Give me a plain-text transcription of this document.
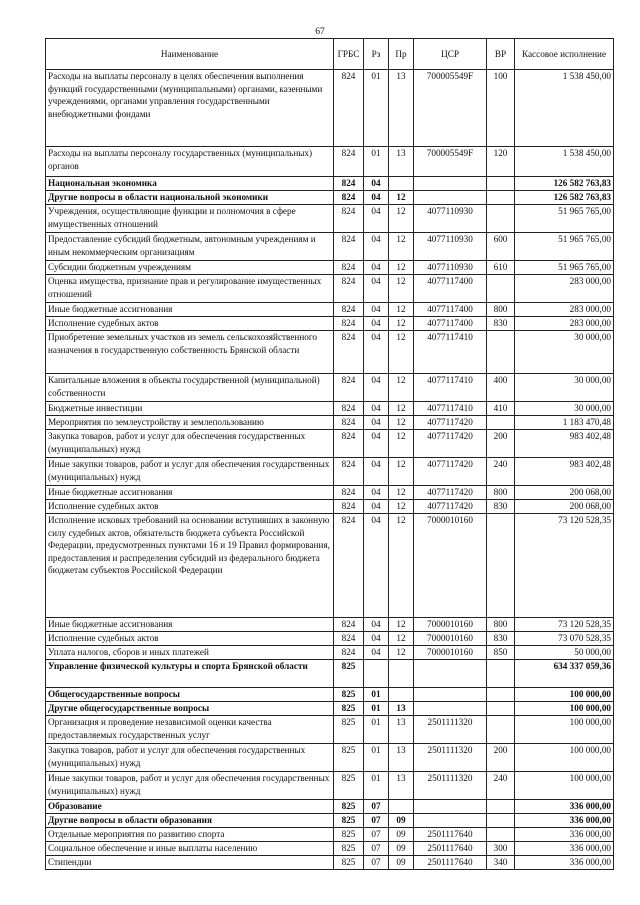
67
Наименование	ГРБС	Рз	Пр	ЦСР	ВР	Кассовое исполнение
Расходы на выплаты персоналу в целях обеспечения выполнения функций государственными (муниципальными) органами, казенными учреждениями, органами управления государственными внебюджетными фондами	824	01	13	700005549F	100	1 538 450,00
Расходы на выплаты персоналу государственных (муниципальных) органов	824	01	13	700005549F	120	1 538 450,00
Национальная экономика	824	04				126 582 763,83
Другие вопросы в области национальной экономики	824	04	12			126 582 763,83
Учреждения, осуществляющие функции и полномочия в сфере имущественных отношений	824	04	12	4077110930		51 965 765,00
Предоставление субсидий бюджетным, автономным учреждениям и иным некоммерческим организациям	824	04	12	4077110930	600	51 965 765,00
Субсидии бюджетным учреждениям	824	04	12	4077110930	610	51 965 765,00
Оценка имущества, признание прав и регулирование имущественных отношений	824	04	12	4077117400		283 000,00
Иные бюджетные ассигнования	824	04	12	4077117400	800	283 000,00
Исполнение судебных актов	824	04	12	4077117400	830	283 000,00
Приобретение земельных участков из земель сельскохозяйственного назначения в государственную собственность Брянской области	824	04	12	4077117410		30 000,00
Капитальные вложения в объекты государственной (муниципальной) собственности	824	04	12	4077117410	400	30 000,00
Бюджетные инвестиции	824	04	12	4077117410	410	30 000,00
Мероприятия по землеустройству и землепользованию	824	04	12	4077117420		1 183 470,48
Закупка товаров, работ и услуг для обеспечения государственных (муниципальных) нужд	824	04	12	4077117420	200	983 402,48
Иные закупки товаров, работ и услуг для обеспечения государственных (муниципальных) нужд	824	04	12	4077117420	240	983 402,48
Иные бюджетные ассигнования	824	04	12	4077117420	800	200 068,00
Исполнение судебных актов	824	04	12	4077117420	830	200 068,00
Исполнение исковых требований на основании вступивших в законную силу судебных актов, обязательств бюджета субъекта Российской Федерации, предусмотренных пунктами 16 и 19 Правил формирования, предоставления и распределения субсидий из федерального бюджета бюджетам субъектов Российской Федерации	824	04	12	7000010160		73 120 528,35
Иные бюджетные ассигнования	824	04	12	7000010160	800	73 120 528,35
Исполнение судебных актов	824	04	12	7000010160	830	73 070 528,35
Уплата налогов, сборов и иных платежей	824	04	12	7000010160	850	50 000,00
Управление физической культуры и спорта Брянской области	825					634 337 059,36
Общегосударственные вопросы	825	01				100 000,00
Другие общегосударственные вопросы	825	01	13			100 000,00
Организация и проведение независимой оценки качества предоставляемых государственных услуг	825	01	13	2501111320		100 000,00
Закупка товаров, работ и услуг для обеспечения государственных (муниципальных) нужд	825	01	13	2501111320	200	100 000,00
Иные закупки товаров, работ и услуг для обеспечения государственных (муниципальных) нужд	825	01	13	2501111320	240	100 000,00
Образование	825	07				336 000,00
Другие вопросы в области образования	825	07	09			336 000,00
Отдельные мероприятия по развитию спорта	825	07	09	2501117640		336 000,00
Социальное обеспечение и иные выплаты населению	825	07	09	2501117640	300	336 000,00
Стипендии	825	07	09	2501117640	340	336 000,00
